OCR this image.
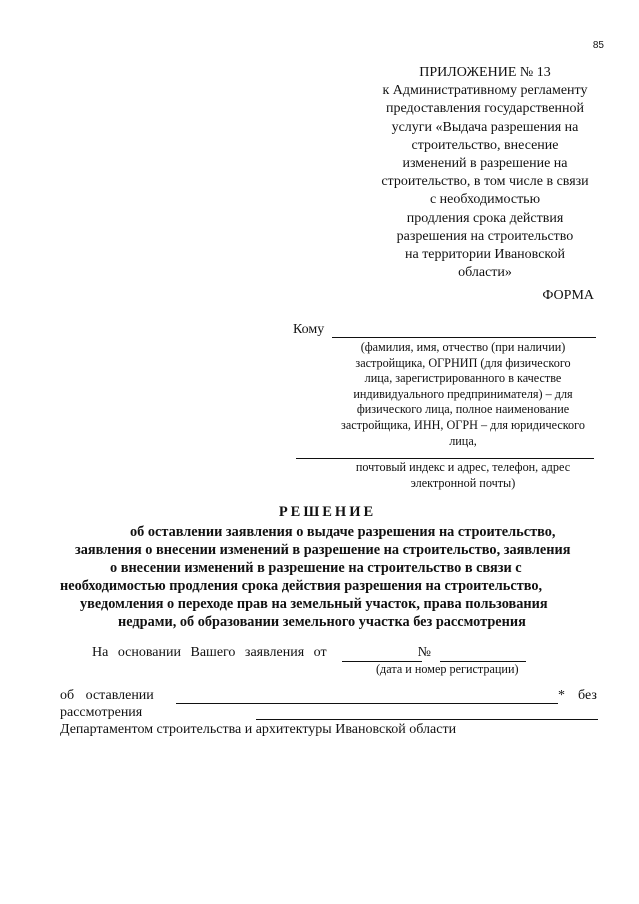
85
ПРИЛОЖЕНИЕ № 13
к Административному регламенту
предоставления государственной
услуги «Выдача разрешения на
строительство, внесение
изменений в разрешение на
строительство, в том числе в связи
с необходимостью
продления срока действия
разрешения на строительство
на территории Ивановской
области»
ФОРМА
Кому
(фамилия, имя, отчество (при наличии)
застройщика, ОГРНИП (для физического
лица, зарегистрированного в качестве
индивидуального предпринимателя) – для
физического лица, полное наименование
застройщика, ИНН, ОГРН – для юридического
лица,
почтовый индекс и адрес, телефон, адрес
электронной почты)
РЕШЕНИЕ
об оставлении заявления о выдаче разрешения на строительство,
заявления о внесении изменений в разрешение на строительство, заявления
о внесении изменений в разрешение на строительство в связи с
необходимостью продления срока действия разрешения на строительство,
уведомления о переходе прав на земельный участок, права пользования
недрами, об образовании земельного участка без рассмотрения
На основании Вашего заявления от	№
(дата и номер регистрации)
об оставлении	* без
рассмотрения
Департаментом строительства и архитектуры Ивановской области
